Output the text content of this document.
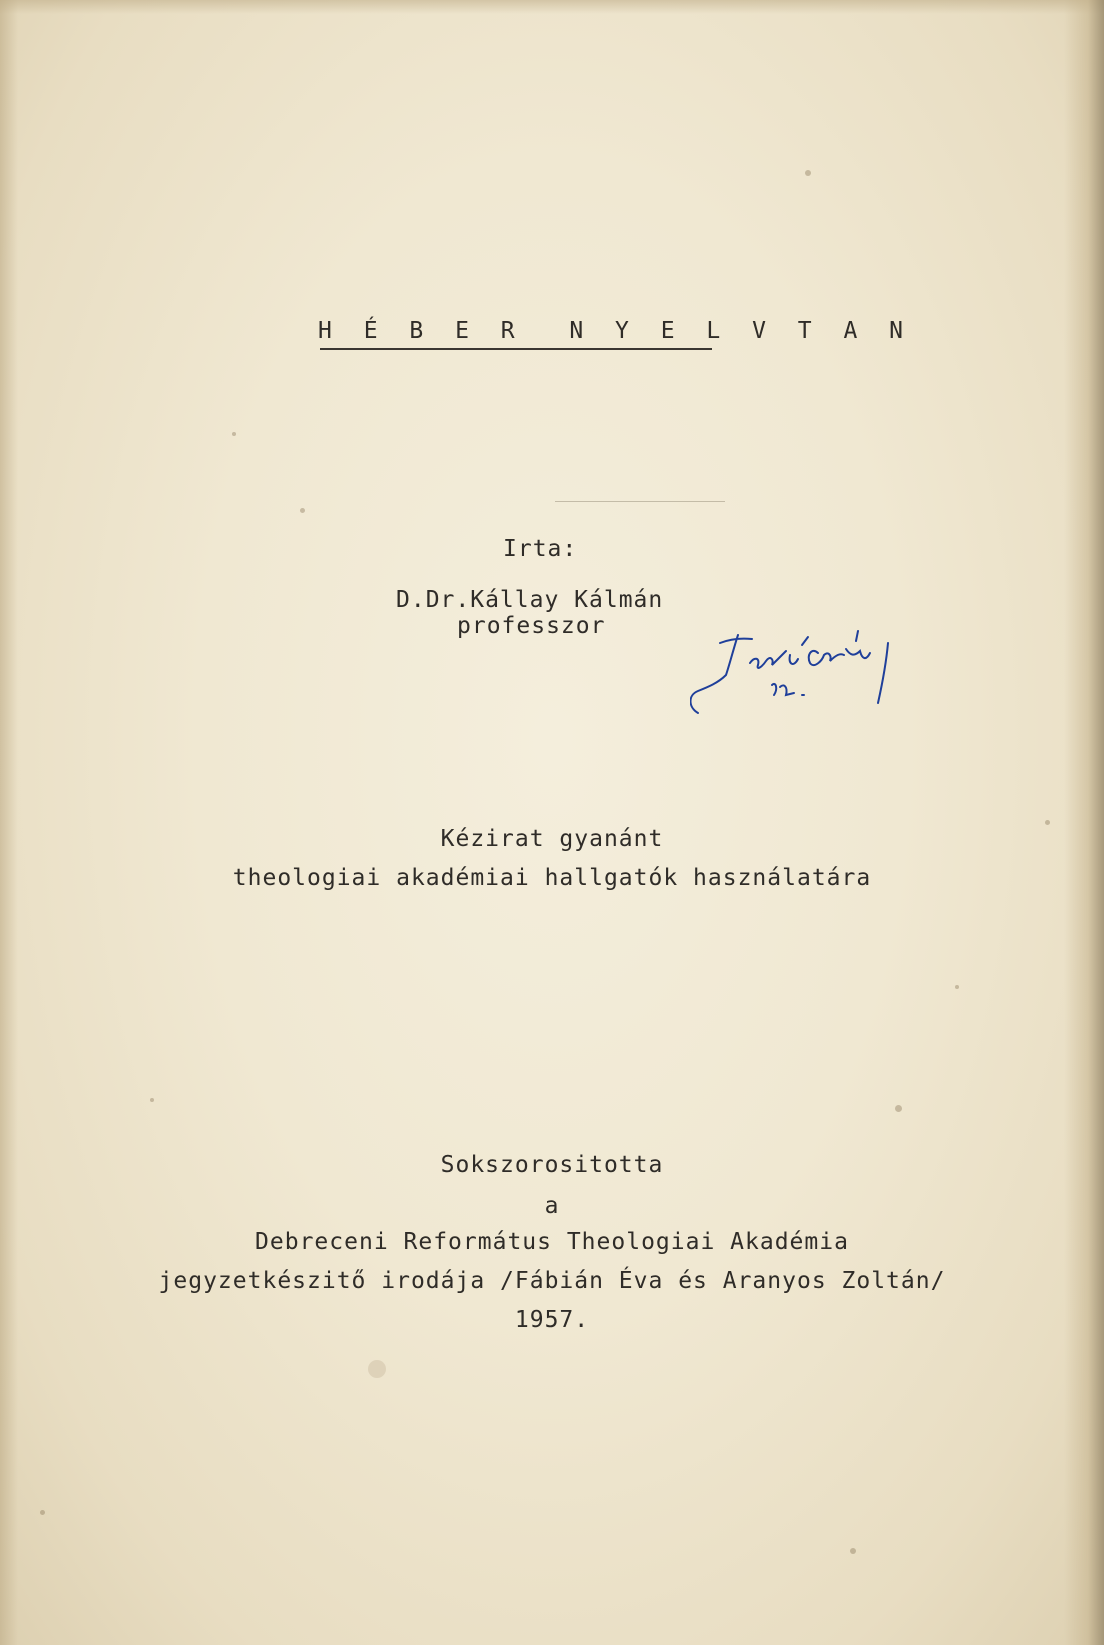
H É B E R  N Y E L V T A N
Irta:
D.Dr.Kállay Kálmán
professzor
Kézirat gyanánt
theologiai akadémiai hallgatók használatára
Sokszorositotta
a
Debreceni Református Theologiai Akadémia
jegyzetkészitő irodája /Fábián Éva és Aranyos Zoltán/
1957.
